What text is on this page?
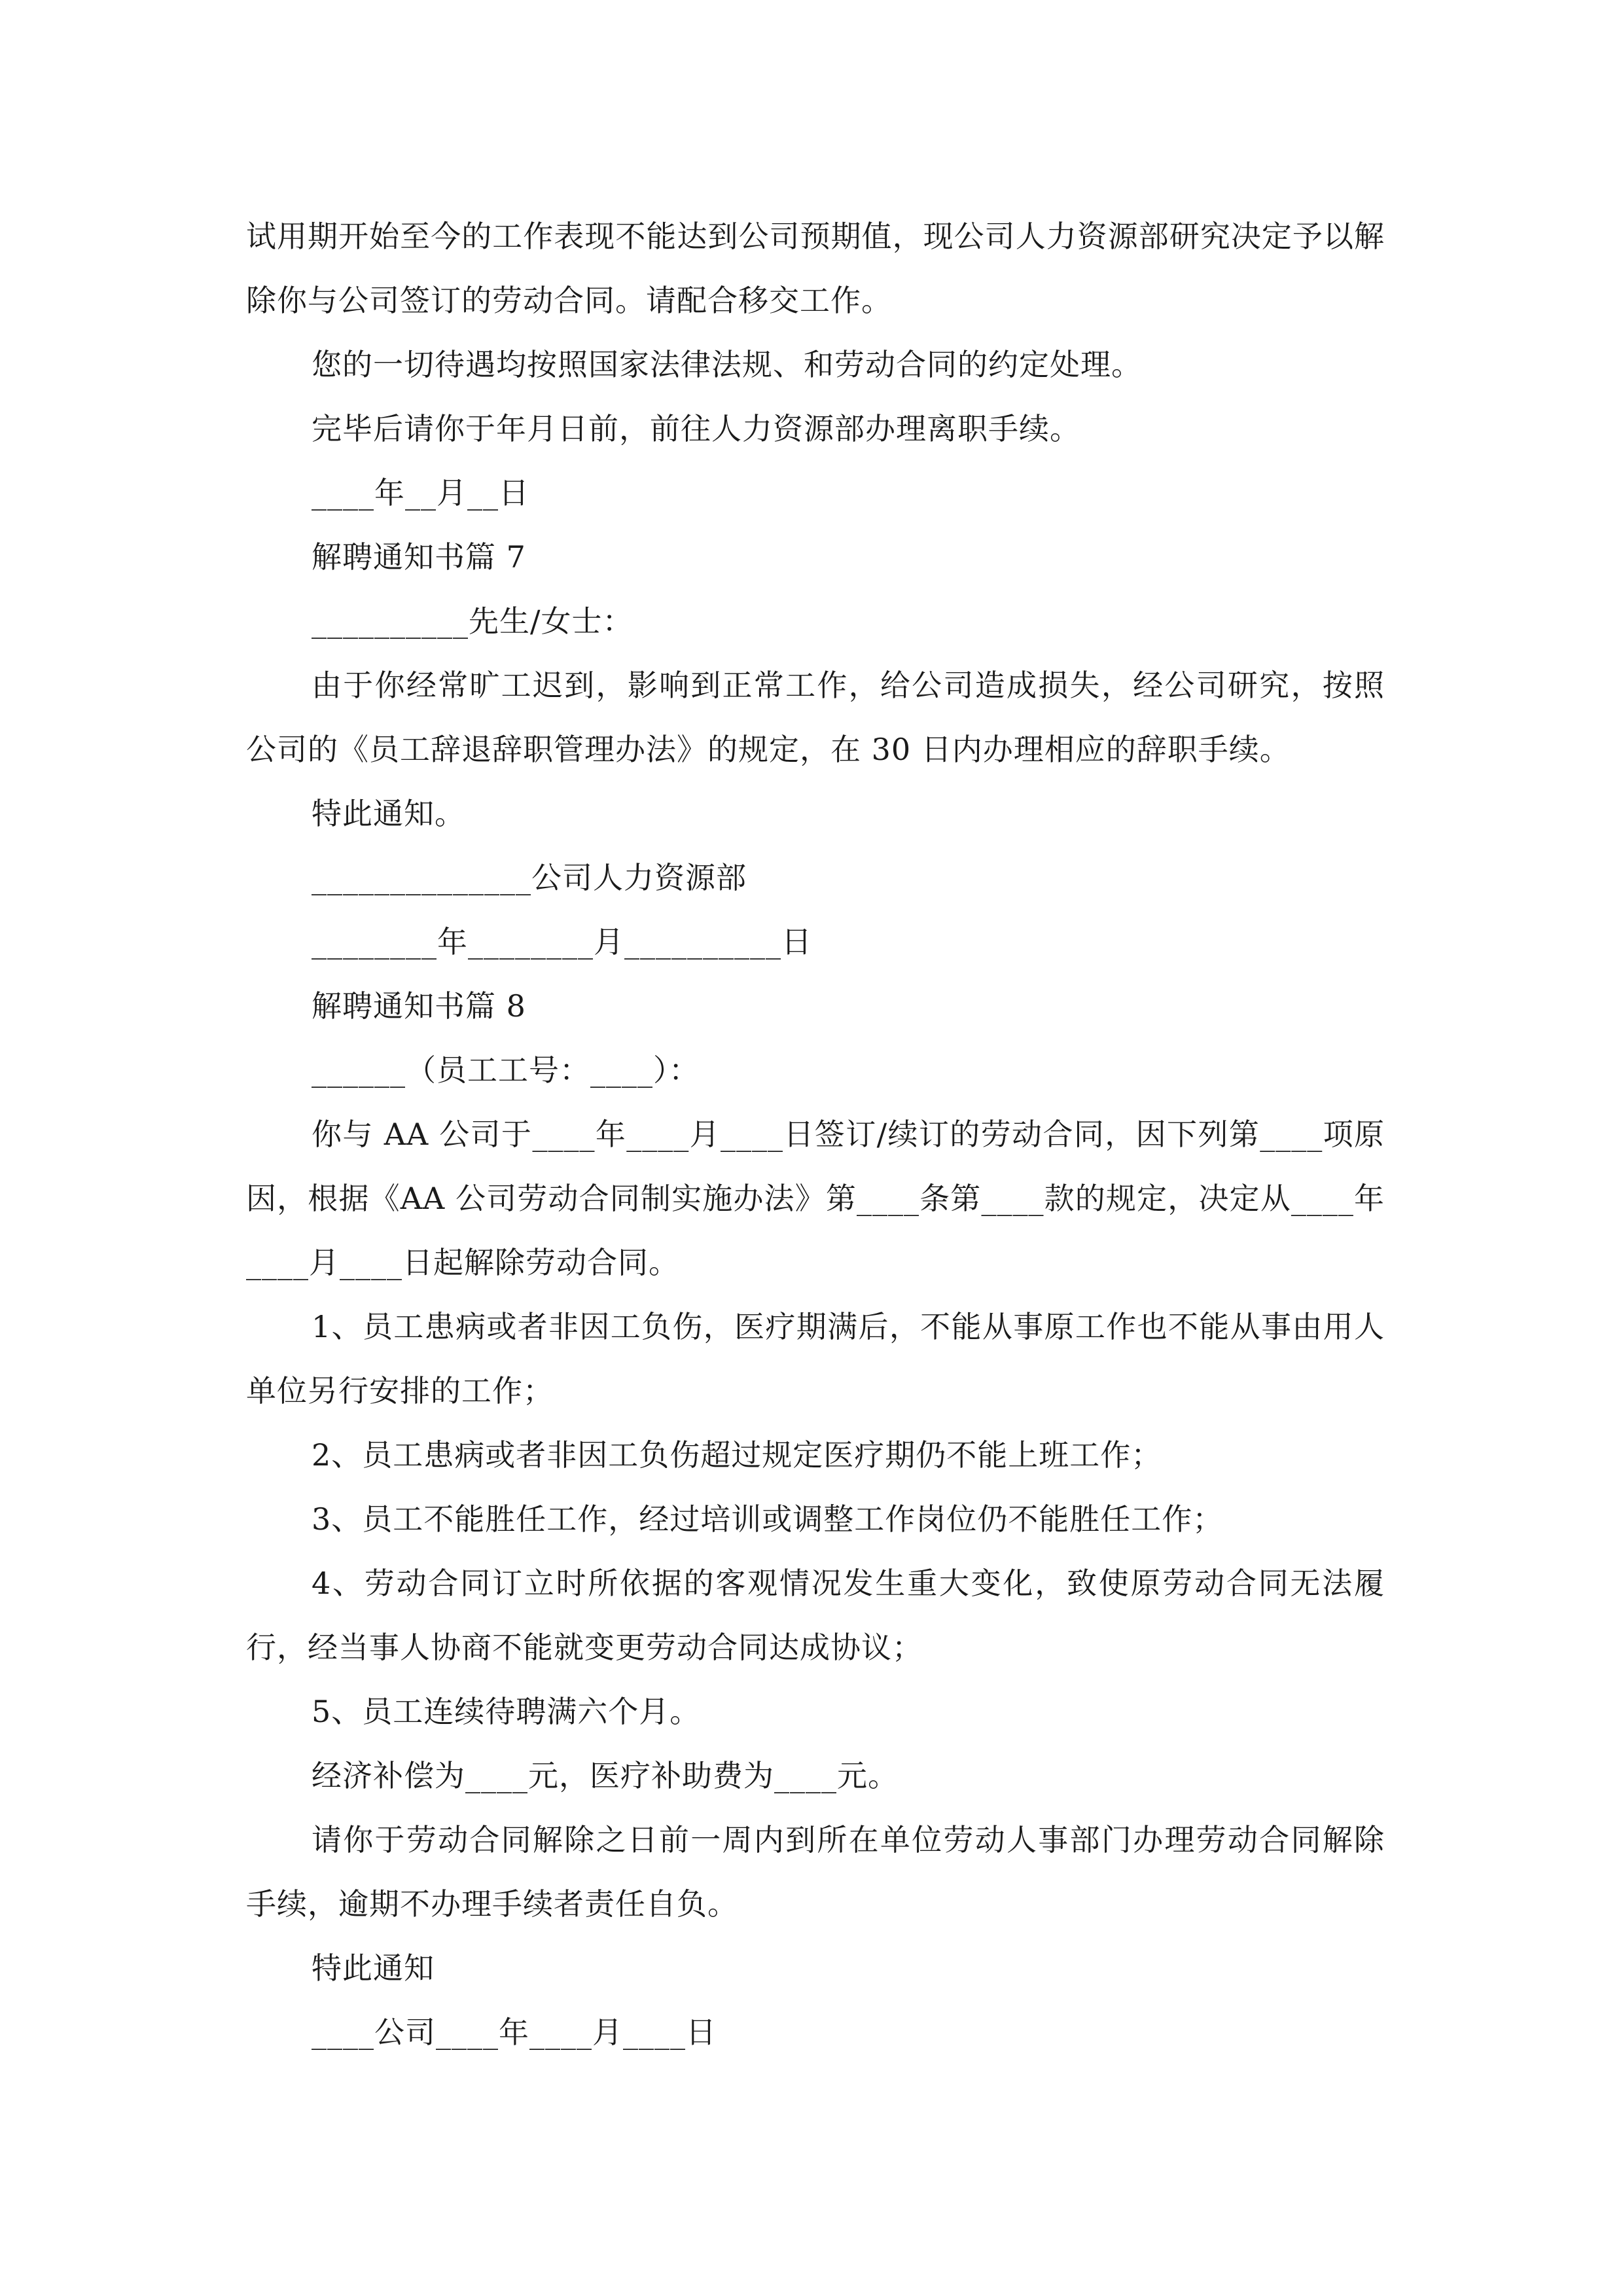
试用期开始至今的工作表现不能达到公司预期值，现公司人力资源部研究决定予以解除你与公司签订的劳动合同。请配合移交工作。

您的一切待遇均按照国家法律法规、和劳动合同的约定处理。

完毕后请你于年月日前，前往人力资源部办理离职手续。

____年__月__日

解聘通知书篇 7

__________先生/女士：

由于你经常旷工迟到，影响到正常工作，给公司造成损失，经公司研究，按照公司的《员工辞退辞职管理办法》的规定，在 30 日内办理相应的辞职手续。

特此通知。

______________公司人力资源部

________年________月__________日

解聘通知书篇 8

______（员工工号：____）：

你与 AA 公司于____年____月____日签订/续订的劳动合同，因下列第____项原因，根据《AA 公司劳动合同制实施办法》第____条第____款的规定，决定从____年____月____日起解除劳动合同。

1、员工患病或者非因工负伤，医疗期满后，不能从事原工作也不能从事由用人单位另行安排的工作；

2、员工患病或者非因工负伤超过规定医疗期仍不能上班工作；

3、员工不能胜任工作，经过培训或调整工作岗位仍不能胜任工作；

4、劳动合同订立时所依据的客观情况发生重大变化，致使原劳动合同无法履行，经当事人协商不能就变更劳动合同达成协议；

5、员工连续待聘满六个月。

经济补偿为____元，医疗补助费为____元。

请你于劳动合同解除之日前一周内到所在单位劳动人事部门办理劳动合同解除手续，逾期不办理手续者责任自负。

特此通知

____公司____年____月____日
